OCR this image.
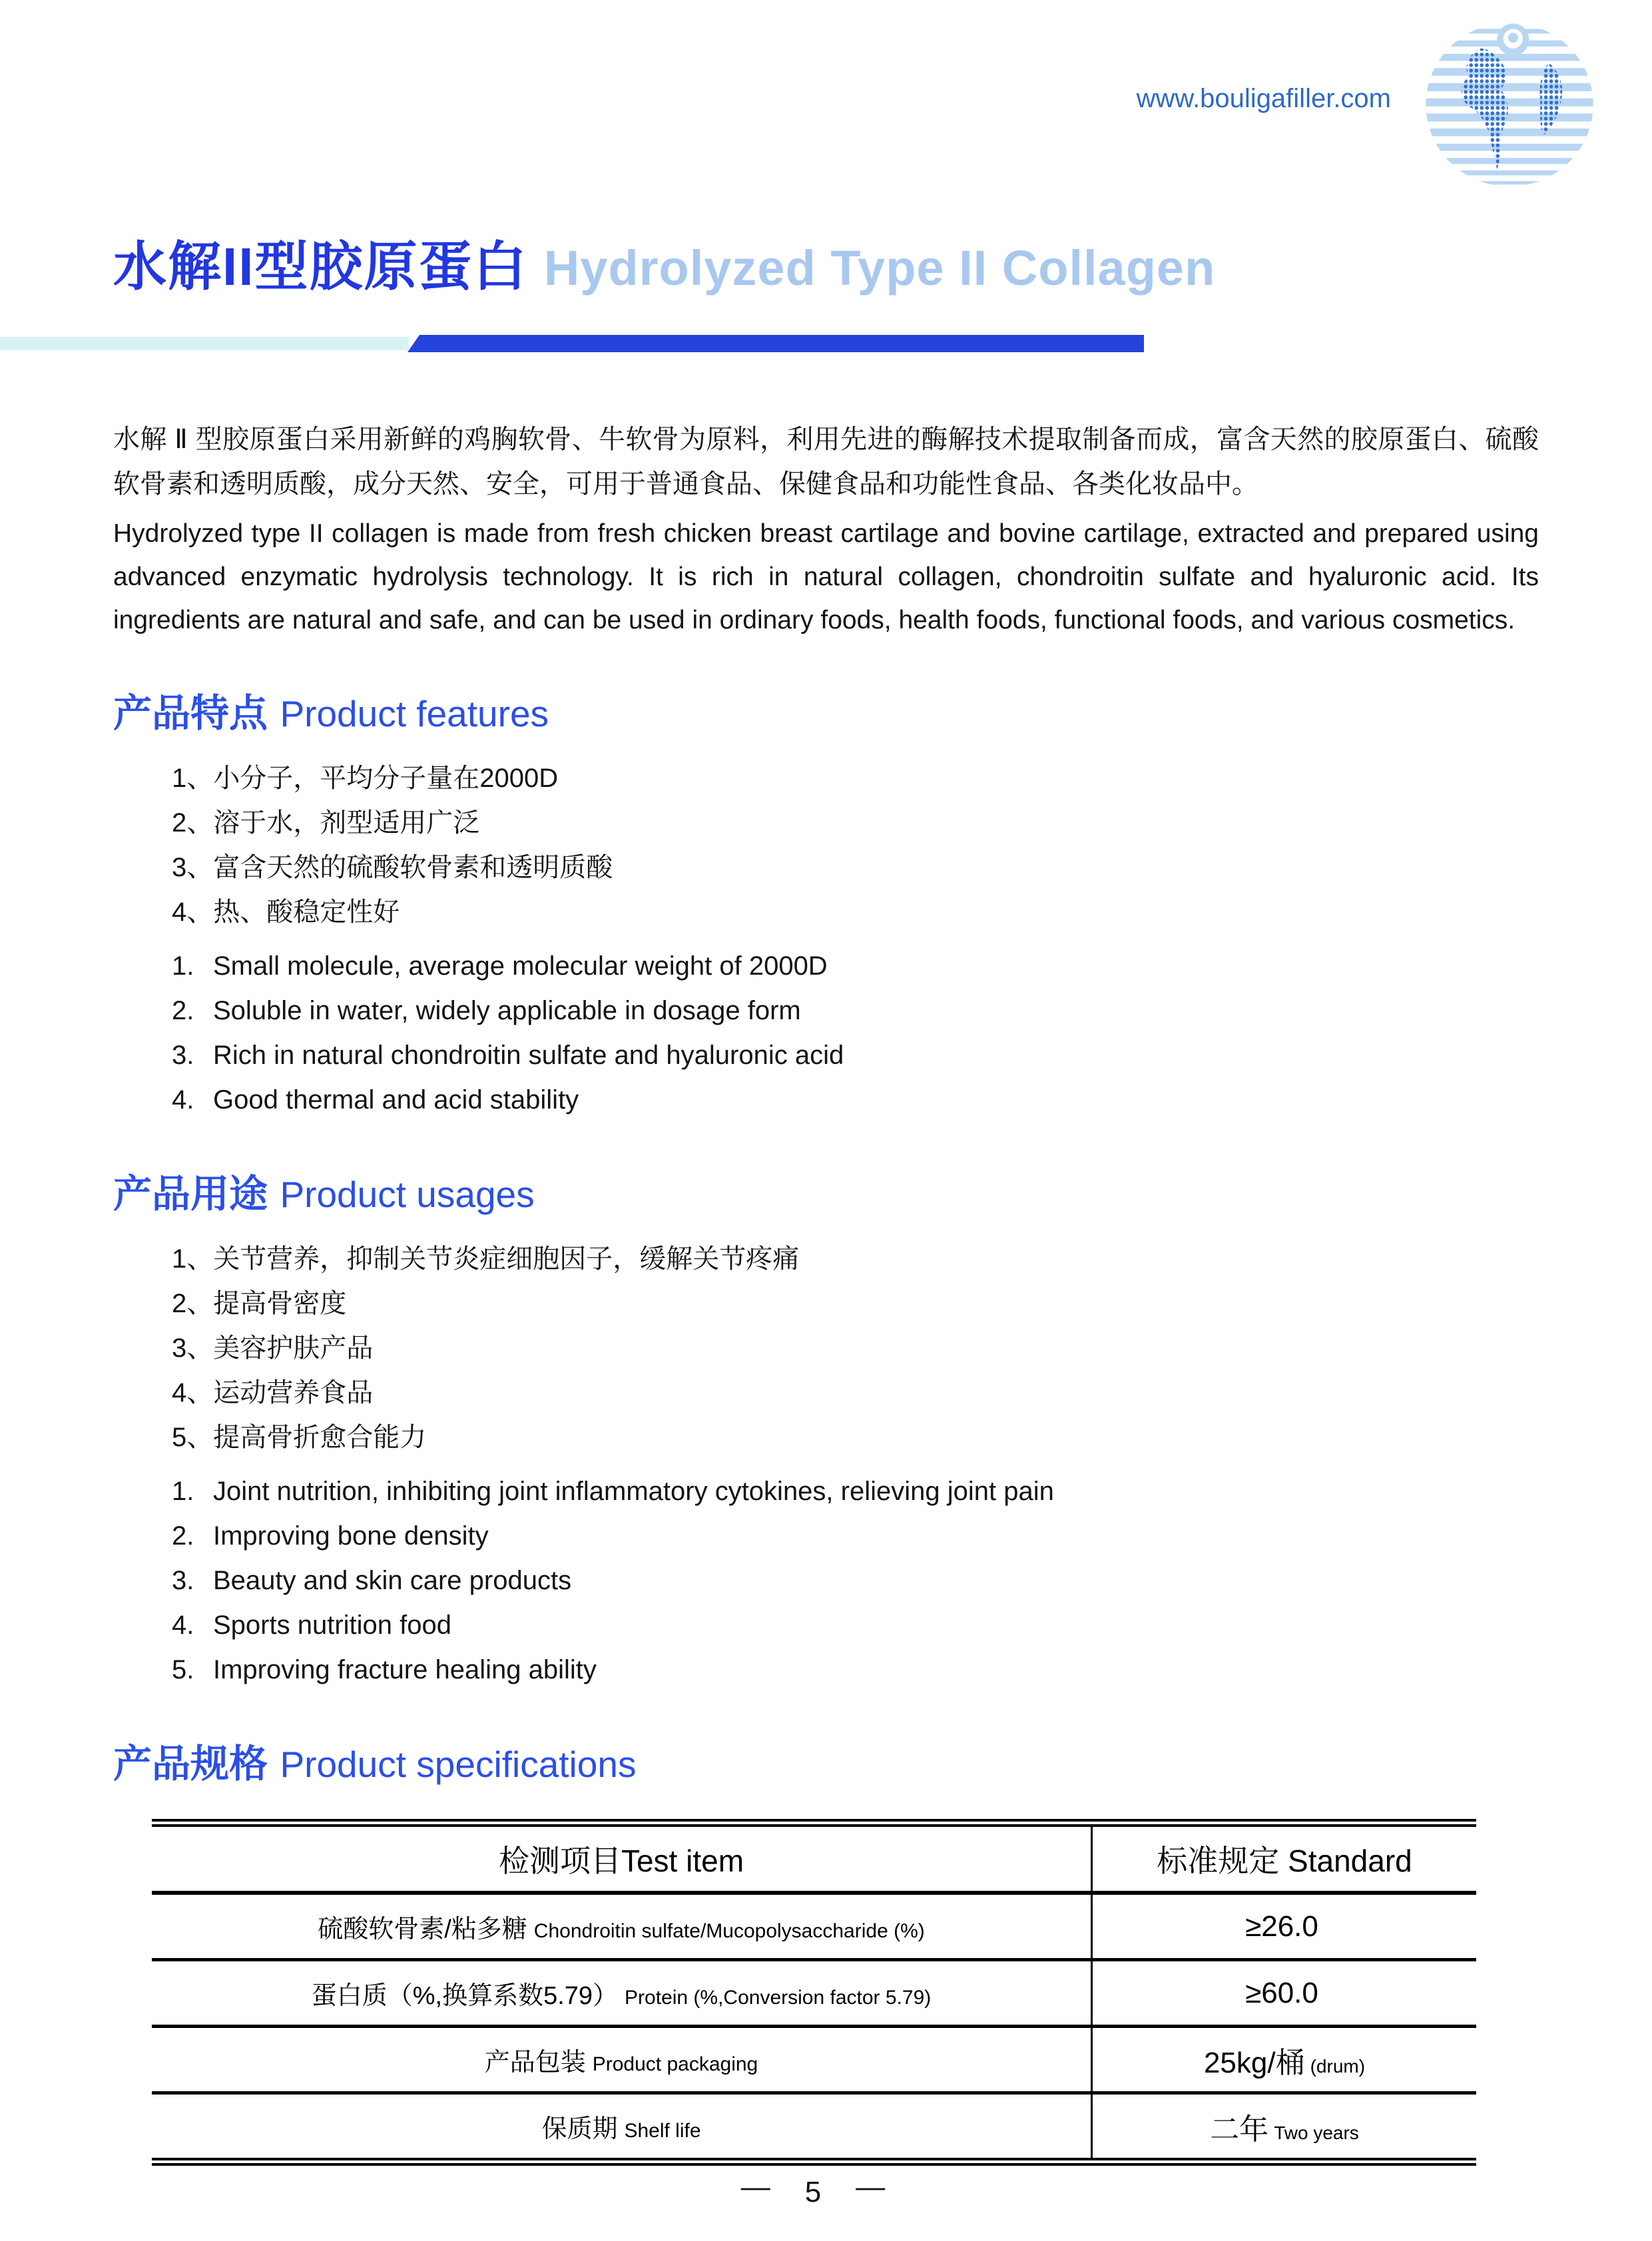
www.bouligafiller.com
水解II型胶原蛋白 Hydrolyzed Type II Collagen

水解 Ⅱ 型胶原蛋白采用新鲜的鸡胸软骨、牛软骨为原料，利用先进的酶解技术提取制备而成，富含天然的胶原蛋白、硫酸软骨素和透明质酸，成分天然、安全，可用于普通食品、保健食品和功能性食品、各类化妆品中。

Hydrolyzed type II collagen is made from fresh chicken breast cartilage and bovine cartilage, extracted and prepared using advanced enzymatic hydrolysis technology. It is rich in natural collagen, chondroitin sulfate and hyaluronic acid. Its ingredients are natural and safe, and can be used in ordinary foods, health foods, functional foods, and various cosmetics.

产品特点 Product features
1、小分子，平均分子量在2000D
2、溶于水，剂型适用广泛
3、富含天然的硫酸软骨素和透明质酸
4、热、酸稳定性好
1. Small molecule, average molecular weight of 2000D
2. Soluble in water, widely applicable in dosage form
3. Rich in natural chondroitin sulfate and hyaluronic acid
4. Good thermal and acid stability
产品用途 Product usages
1、关节营养，抑制关节炎症细胞因子，缓解关节疼痛
2、提高骨密度
3、美容护肤产品
4、运动营养食品
5、提高骨折愈合能力
1. Joint nutrition, inhibiting joint inflammatory cytokines, relieving joint pain
2. Improving bone density
3. Beauty and skin care products
4. Sports nutrition food
5. Improving fracture healing ability
产品规格 Product specifications
检测项目Test item	标准规定 Standard
硫酸软骨素/粘多糖 Chondroitin sulfate/Mucopolysaccharide (%)	≥26.0
蛋白质（%,换算系数5.79） Protein (%,Conversion factor 5.79)	≥60.0
产品包装 Product packaging	25kg/桶 (drum)
保质期 Shelf life	二年 Two years
— 5 —
